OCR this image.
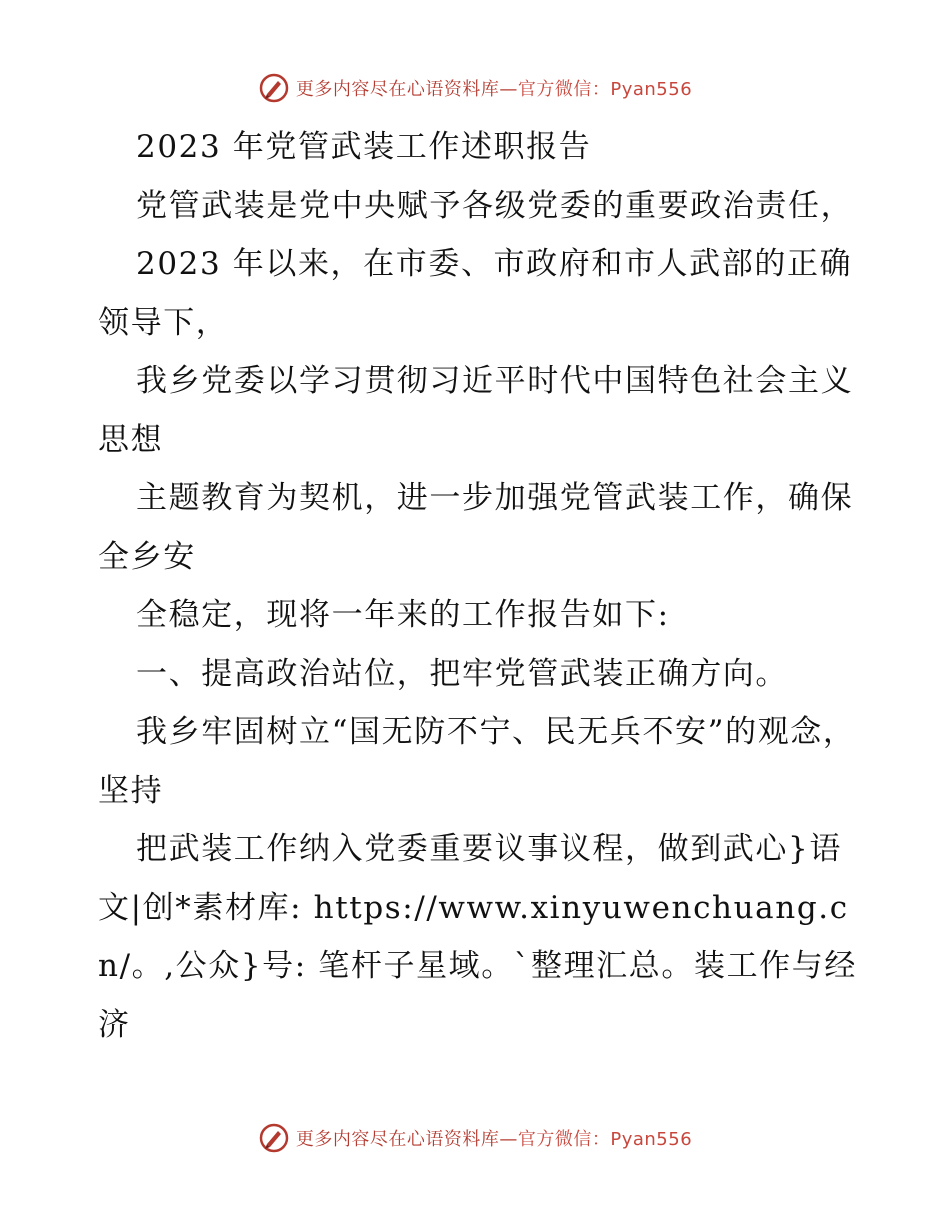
更多内容尽在心语资料库—官方微信：Pyan556

2023 年党管武装工作述职报告

党管武装是党中央赋予各级党委的重要政治责任，

2023 年以来，在市委、市政府和市人武部的正确领导下，

我乡党委以学习贯彻习近平时代中国特色社会主义思想

主题教育为契机，进一步加强党管武装工作，确保全乡安

全稳定，现将一年来的工作报告如下:

一、提高政治站位，把牢党管武装正确方向。

我乡牢固树立“国无防不宁、民无兵不安”的观念，坚持

把武装工作纳入党委重要议事议程，做到武心}语文|创*素材库: https://www.xinyuwenchuang.cn/。,公众}号: 笔杆子星域。`整理汇总。装工作与经济

更多内容尽在心语资料库—官方微信：Pyan556
